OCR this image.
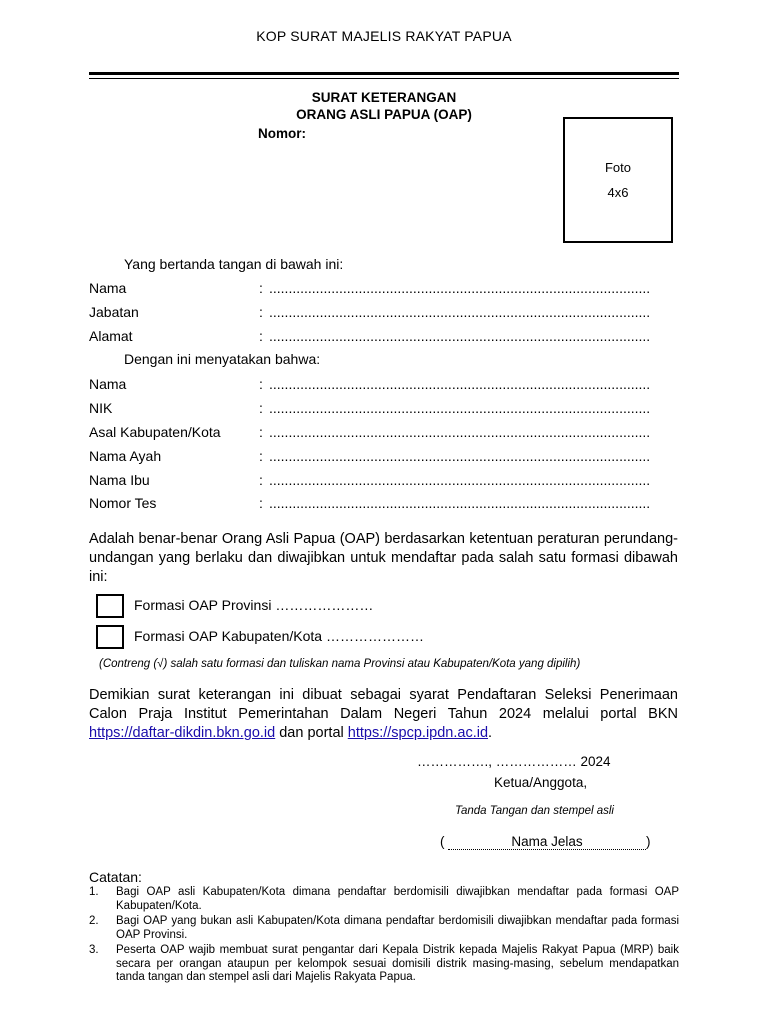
KOP SURAT MAJELIS RAKYAT PAPUA
SURAT KETERANGAN
ORANG ASLI PAPUA (OAP)
Nomor:
Foto
4x6
Yang bertanda tangan di bawah ini:
Nama	: ..................................................................................................
Jabatan	: ..................................................................................................
Alamat	: ..................................................................................................
Dengan ini menyatakan bahwa:
Nama	: ..................................................................................................
NIK	: ..................................................................................................
Asal Kabupaten/Kota	: ..................................................................................................
Nama Ayah	: ..................................................................................................
Nama Ibu	: ..................................................................................................
Nomor Tes	: ..................................................................................................
Adalah benar-benar Orang Asli Papua (OAP) berdasarkan ketentuan peraturan perundang-undangan yang berlaku dan diwajibkan untuk mendaftar pada salah satu formasi dibawah ini:
Formasi OAP Provinsi …………………
Formasi OAP Kabupaten/Kota …………………
(Contreng (√) salah satu formasi dan tuliskan nama Provinsi atau Kabupaten/Kota yang dipilih)
Demikian surat keterangan ini dibuat sebagai syarat Pendaftaran Seleksi Penerimaan Calon Praja Institut Pemerintahan Dalam Negeri Tahun 2024 melalui portal BKN https://daftar-dikdin.bkn.go.id dan portal https://spcp.ipdn.ac.id.
……………., ……………… 2024
Ketua/Anggota,
Tanda Tangan dan stempel asli
(	Nama Jelas	)
Catatan:
1. Bagi OAP asli Kabupaten/Kota dimana pendaftar berdomisili diwajibkan mendaftar pada formasi OAP Kabupaten/Kota.
2. Bagi OAP yang bukan asli Kabupaten/Kota dimana pendaftar berdomisili diwajibkan mendaftar pada formasi OAP Provinsi.
3. Peserta OAP wajib membuat surat pengantar dari Kepala Distrik kepada Majelis Rakyat Papua (MRP) baik secara per orangan ataupun per kelompok sesuai domisili distrik masing-masing, sebelum mendapatkan tanda tangan dan stempel asli dari Majelis Rakyata Papua.
